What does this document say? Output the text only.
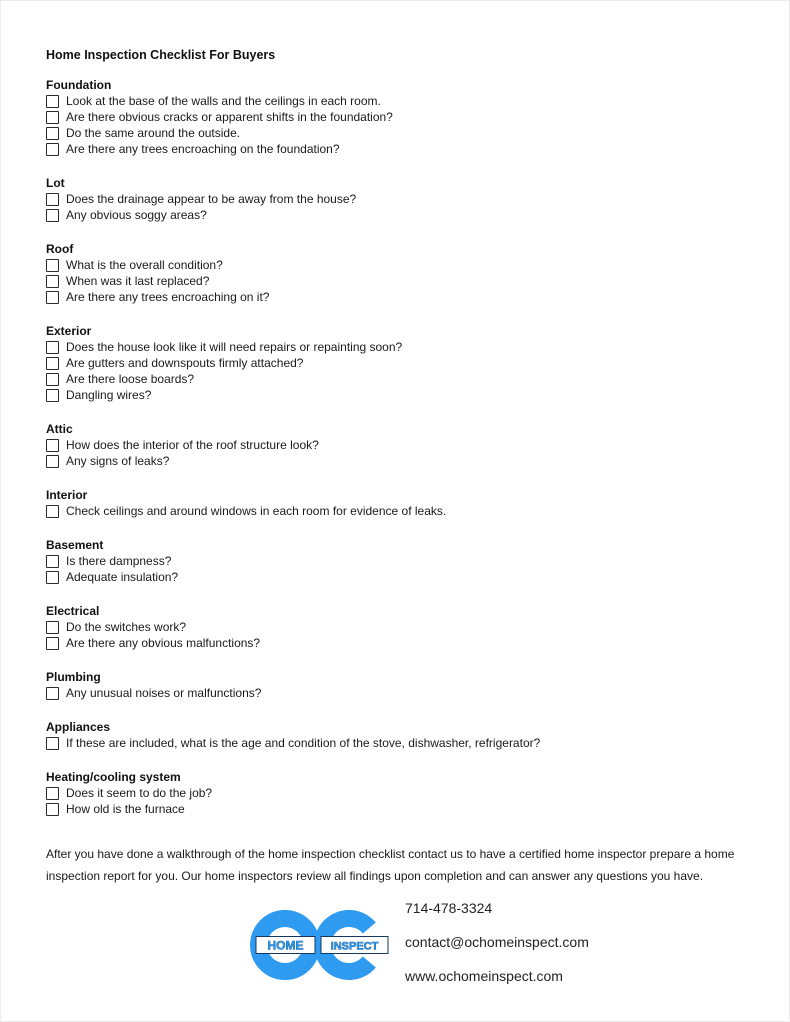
Home Inspection Checklist For Buyers
Foundation
Look at the base of the walls and the ceilings in each room.
Are there obvious cracks or apparent shifts in the foundation?
Do the same around the outside.
Are there any trees encroaching on the foundation?
Lot
Does the drainage appear to be away from the house?
Any obvious soggy areas?
Roof
What is the overall condition?
When was it last replaced?
Are there any trees encroaching on it?
Exterior
Does the house look like it will need repairs or repainting soon?
Are gutters and downspouts firmly attached?
Are there loose boards?
Dangling wires?
Attic
How does the interior of the roof structure look?
Any signs of leaks?
Interior
Check ceilings and around windows in each room for evidence of leaks.
Basement
Is there dampness?
Adequate insulation?
Electrical
Do the switches work?
Are there any obvious malfunctions?
Plumbing
Any unusual noises or malfunctions?
Appliances
If these are included, what is the age and condition of the stove, dishwasher, refrigerator?
Heating/cooling system
Does it seem to do the job?
How old is the furnace

After you have done a walkthrough of the home inspection checklist contact us to have a certified home inspector prepare a home inspection report for you. Our home inspectors review all findings upon completion and can answer any questions you have.

HOME INSPECT
714-478-3324
contact@ochomeinspect.com
www.ochomeinspect.com
